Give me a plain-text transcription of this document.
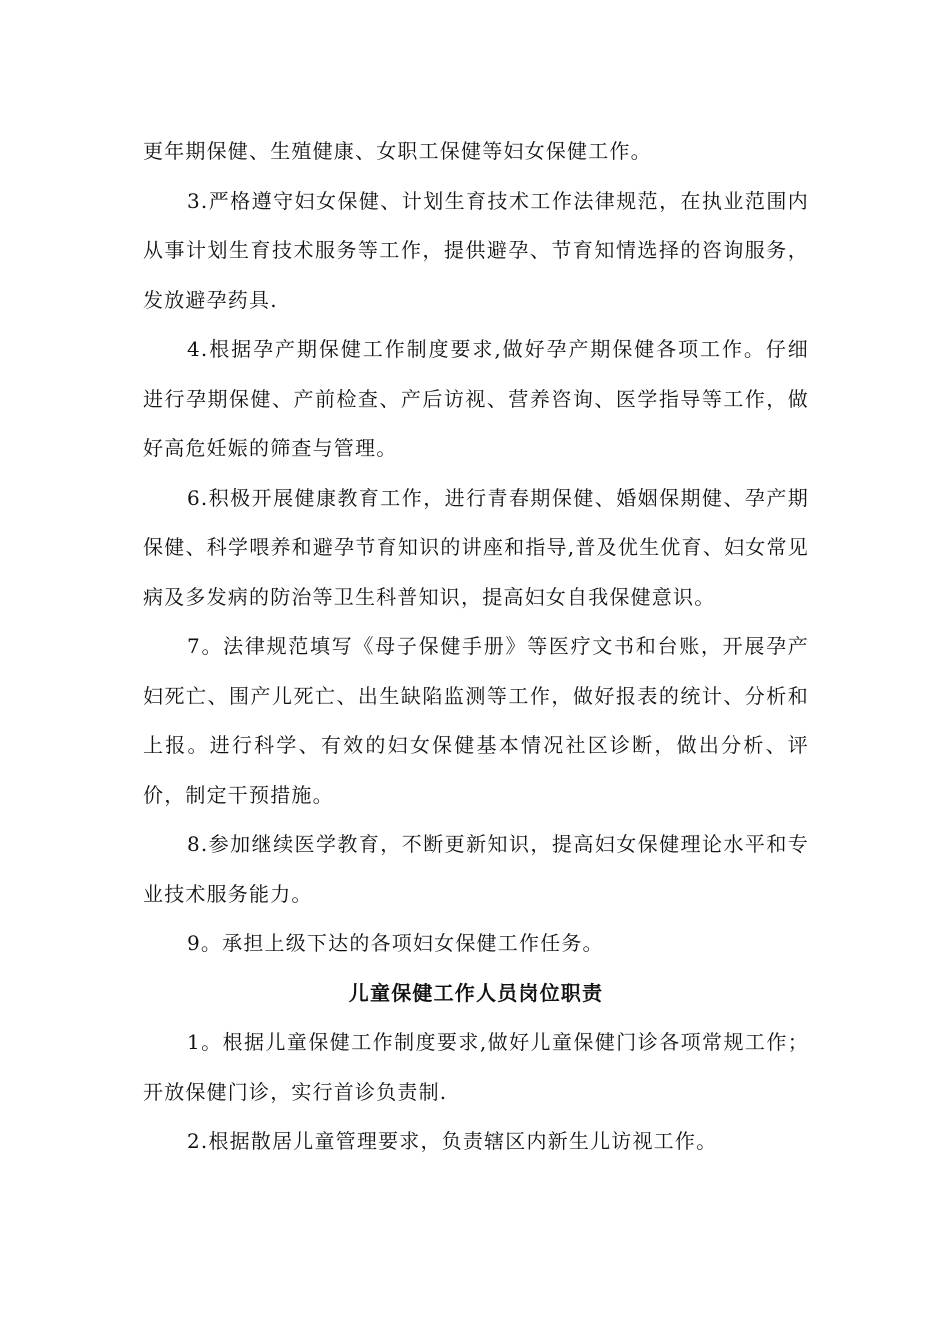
更年期保健、生殖健康、女职工保健等妇女保健工作。

3.严格遵守妇女保健、计划生育技术工作法律规范，在执业范围内从事计划生育技术服务等工作，提供避孕、节育知情选择的咨询服务，发放避孕药具.

4.根据孕产期保健工作制度要求,做好孕产期保健各项工作。仔细进行孕期保健、产前检查、产后访视、营养咨询、医学指导等工作，做好高危妊娠的筛查与管理。

6.积极开展健康教育工作，进行青春期保健、婚姻保期健、孕产期保健、科学喂养和避孕节育知识的讲座和指导,普及优生优育、妇女常见病及多发病的防治等卫生科普知识，提高妇女自我保健意识。

7。法律规范填写《母子保健手册》等医疗文书和台账，开展孕产妇死亡、围产儿死亡、出生缺陷监测等工作，做好报表的统计、分析和上报。进行科学、有效的妇女保健基本情况社区诊断，做出分析、评价，制定干预措施。

8.参加继续医学教育，不断更新知识，提高妇女保健理论水平和专业技术服务能力。

9。承担上级下达的各项妇女保健工作任务。

儿童保健工作人员岗位职责

1。根据儿童保健工作制度要求,做好儿童保健门诊各项常规工作；开放保健门诊，实行首诊负责制.

2.根据散居儿童管理要求，负责辖区内新生儿访视工作。
